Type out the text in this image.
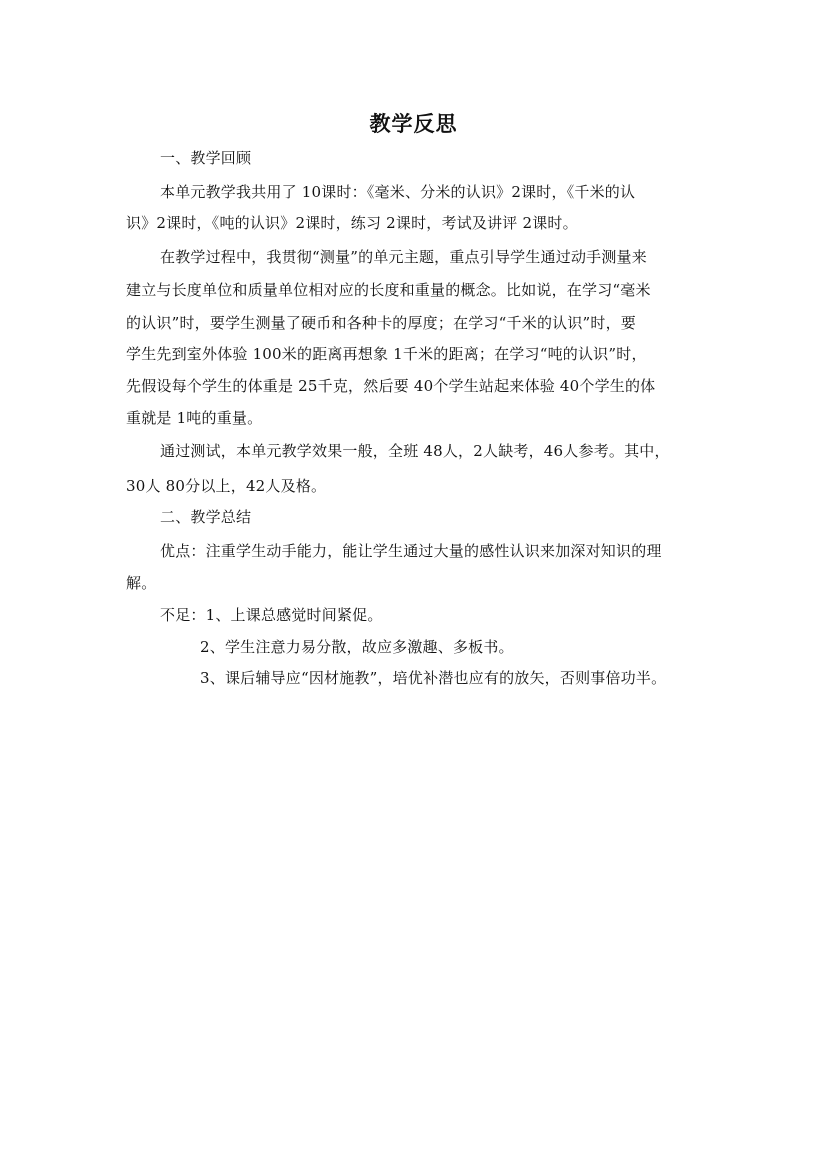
教学反思
一、教学回顾
本单元教学我共用了 10课时：《毫米、分米的认识》2课时，《千米的认
识》2课时，《吨的认识》2课时，练习 2课时，考试及讲评 2课时。
在教学过程中，我贯彻“测量”的单元主题，重点引导学生通过动手测量来
建立与长度单位和质量单位相对应的长度和重量的概念。比如说，在学习“毫米
的认识”时，要学生测量了硬币和各种卡的厚度；在学习“千米的认识”时，要
学生先到室外体验 100米的距离再想象 1千米的距离；在学习“吨的认识”时，
先假设每个学生的体重是 25千克，然后要 40个学生站起来体验 40个学生的体
重就是 1吨的重量。
通过测试，本单元教学效果一般，全班 48人，2人缺考，46人参考。其中，
30人 80分以上，42人及格。
二、教学总结
优点：注重学生动手能力，能让学生通过大量的感性认识来加深对知识的理
解。
不足：1、上课总感觉时间紧促。
2、学生注意力易分散，故应多激趣、多板书。
3、课后辅导应“因材施教”，培优补潜也应有的放矢，否则事倍功半。
